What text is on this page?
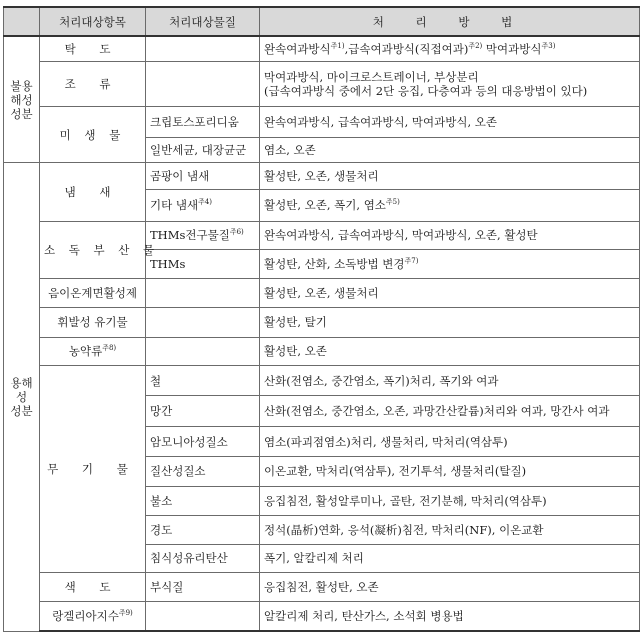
	처리대상항목	처리대상물질	처 리 방 법

불용
해성
성분	탁 도		완속여과방식$^{주1)}$,급속여과방식(직접여과)$^{주2)}$ 막여과방식$^{주3)}$
	조 류		막여과방식, 마이크로스트레이너, 부상분리
(급속여과방식 중에서 2단 응집, 다층여과 등의 대응방법이 있다)

	미 생 물	크립토스포리디움	완속여과방식, 급속여과방식, 막여과방식, 오존
		일반세균, 대장균군	염소, 오존

용해
성
성분	냄 새	곰팡이 냄새	활성탄, 오존, 생물처리
		기타 냄새$^{주4)}$	활성탄, 오존, 폭기, 염소$^{주5)}$
	소 독 부 산 물	THMs전구물질$^{주6)}$	완속여과방식, 급속여과방식, 막여과방식, 오존, 활성탄
		THMs	활성탄, 산화, 소독방법 변경$^{주7)}$
	음이온계면활성제		활성탄, 오존, 생물처리
	휘발성 유기물		활성탄, 탈기
	농약류$^{주8)}$		활성탄, 오존
	무 기 물	철	산화(전염소, 중간염소, 폭기)처리, 폭기와 여과
		망간	산화(전염소, 중간염소, 오존, 과망간산칼륨)처리와 여과, 망간사 여과
		암모니아성질소	염소(파괴점염소)처리, 생물처리, 막처리(역삼투)
		질산성질소	이온교환, 막처리(역삼투), 전기투석, 생물처리(탈질)
		불소	응집침전, 활성알루미나, 골탄, 전기분해, 막처리(역삼투)
		경도	정석(晶析)연화, 응석(凝析)침전, 막처리(NF), 이온교환
		침식성유리탄산	폭기, 알칼리제 처리
	색 도	부식질	응집침전, 활성탄, 오존
	랑겔리아지수$^{주9)}$		알칼리제 처리, 탄산가스, 소석회 병용법
